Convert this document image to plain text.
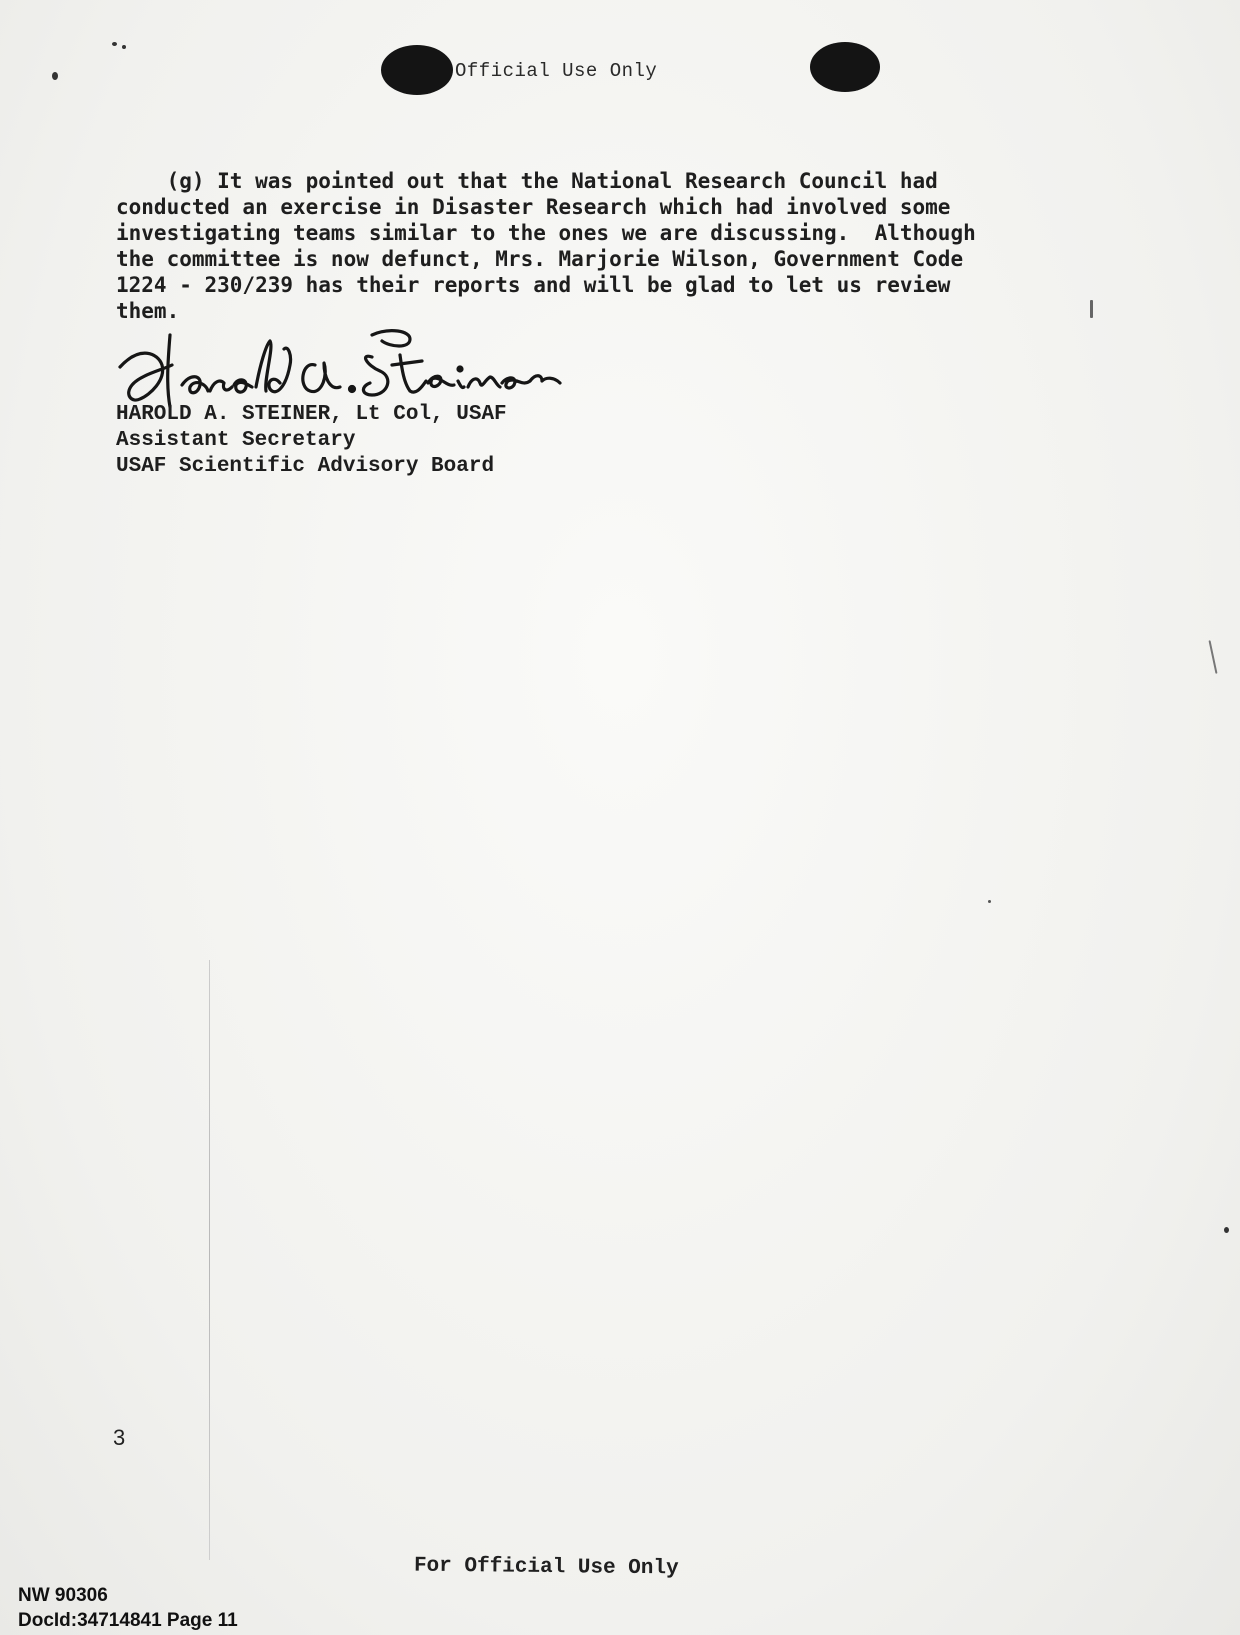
Official Use Only
(g) It was pointed out that the National Research Council had
conducted an exercise in Disaster Research which had involved some
investigating teams similar to the ones we are discussing.  Although
the committee is now defunct, Mrs. Marjorie Wilson, Government Code
1224 - 230/239 has their reports and will be glad to let us review
them.
HAROLD A. STEINER, Lt Col, USAF
Assistant Secretary
USAF Scientific Advisory Board
3
For Official Use Only
NW 90306
DocId:34714841 Page 11
